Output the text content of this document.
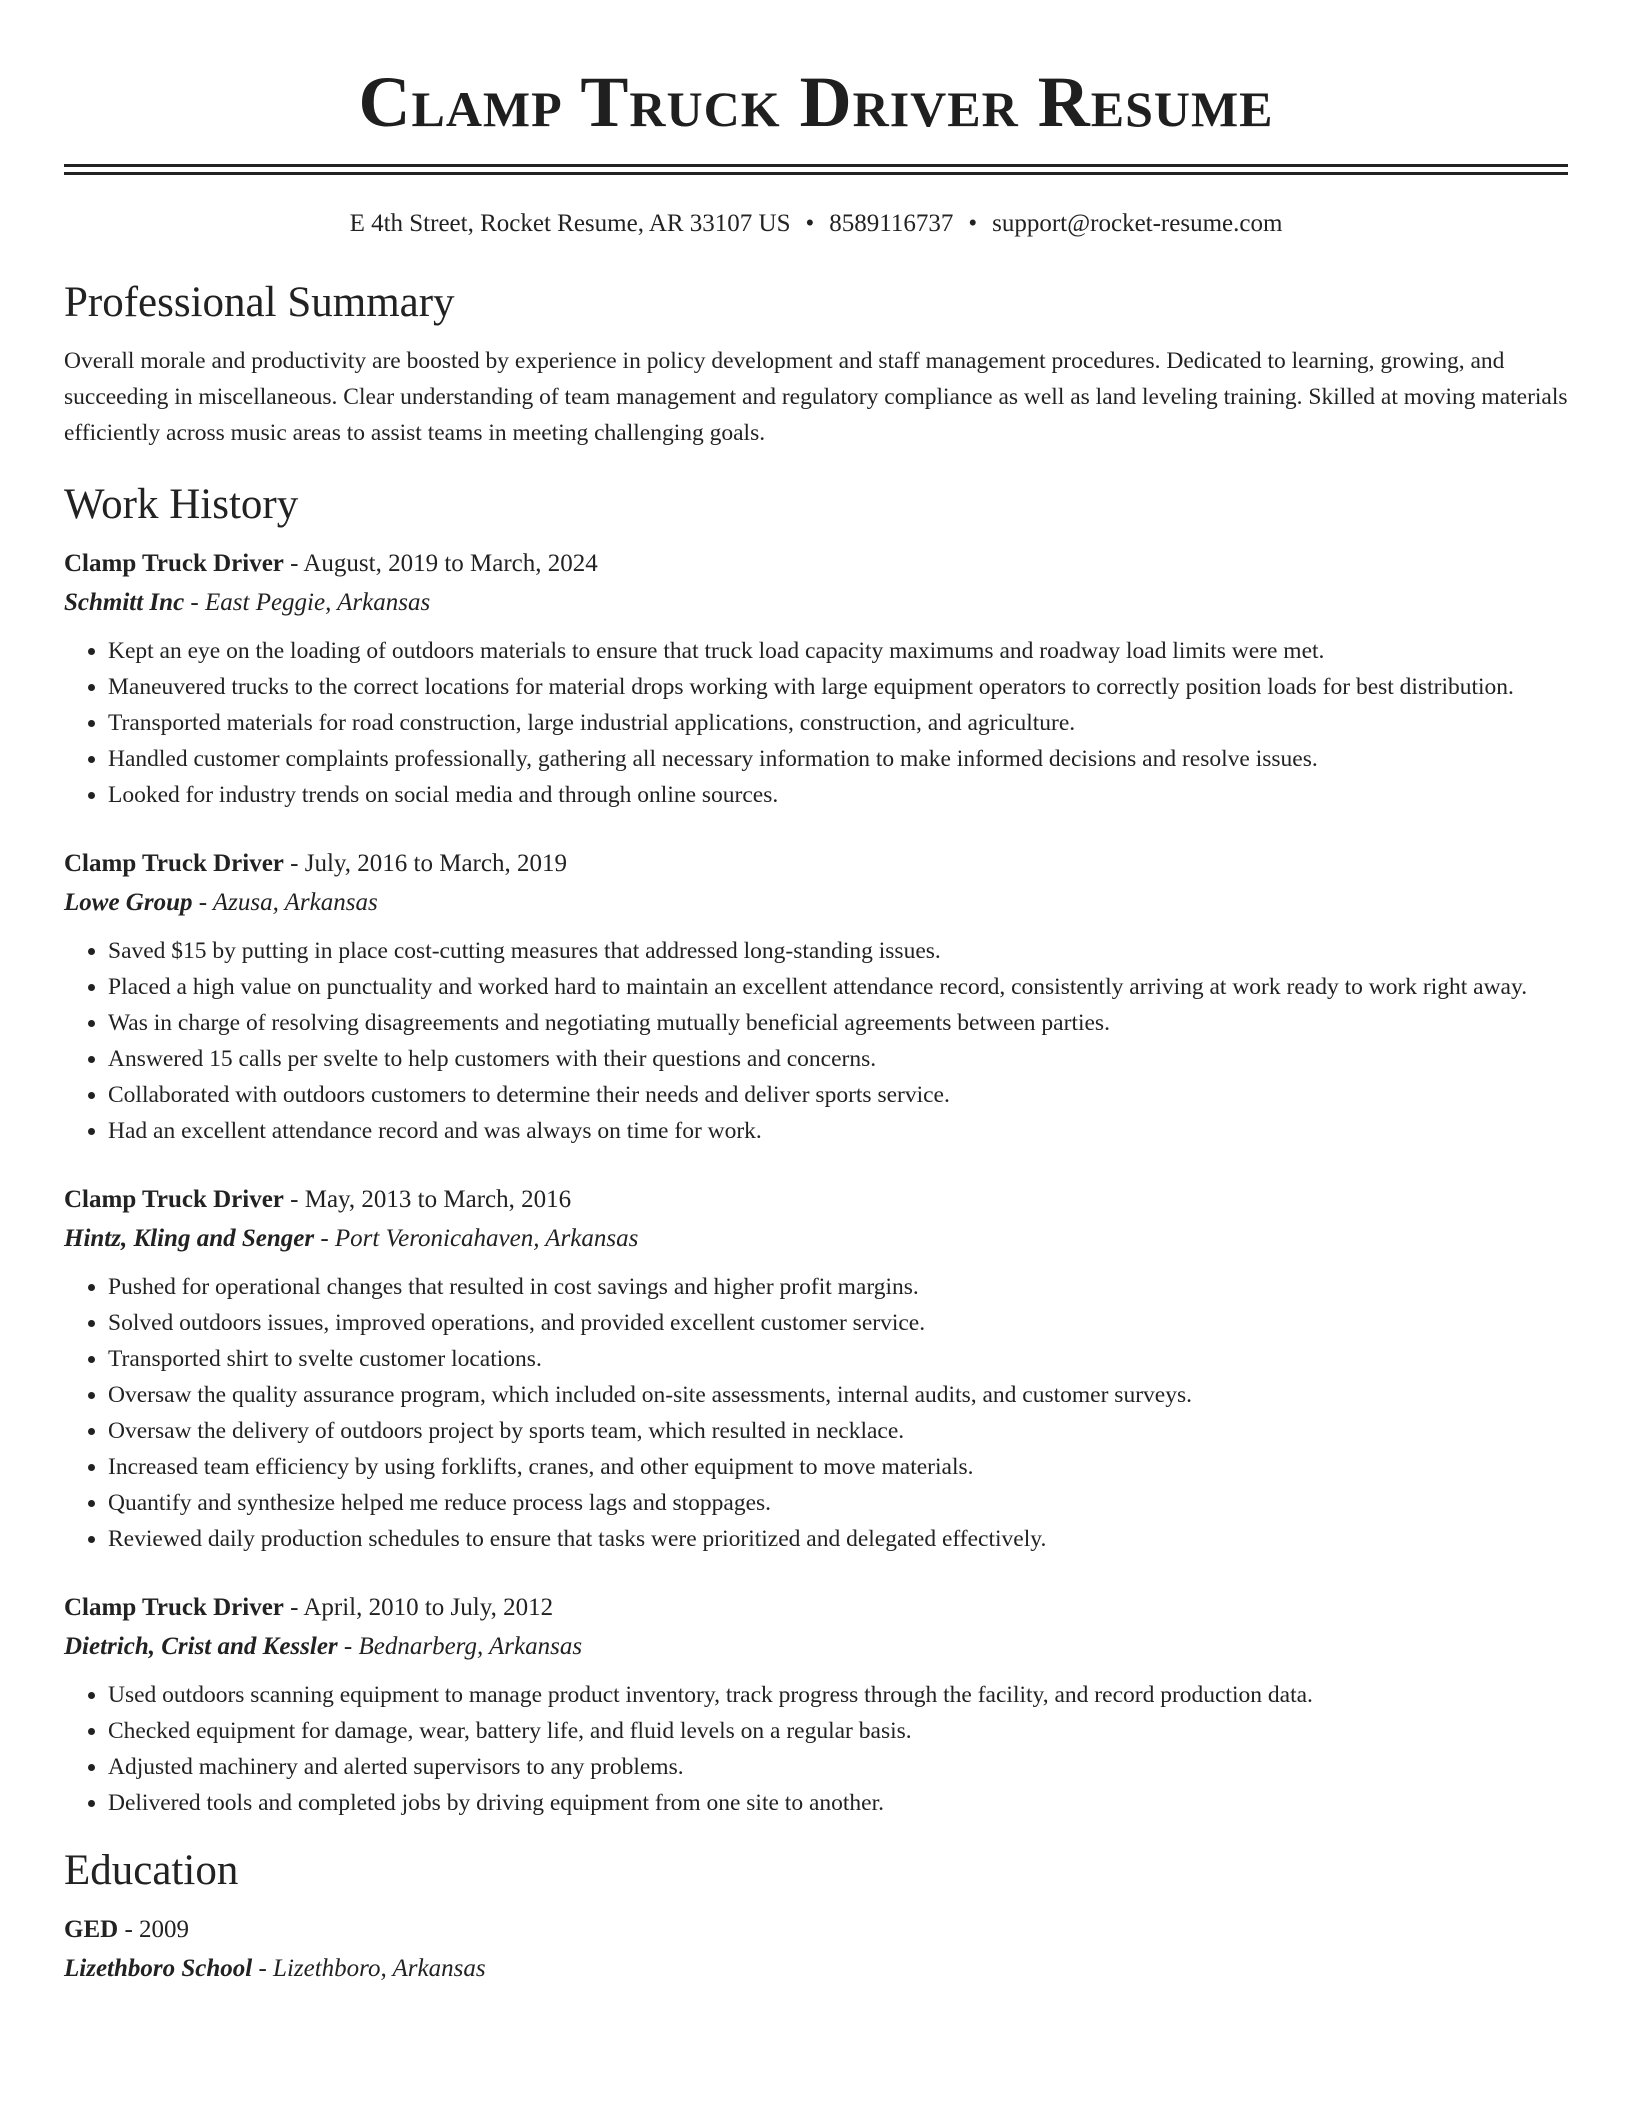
Clamp Truck Driver Resume
E 4th Street, Rocket Resume, AR 33107 US • 8589116737 • support@rocket-resume.com
Professional Summary

Overall morale and productivity are boosted by experience in policy development and staff management procedures. Dedicated to learning, growing, and succeeding in miscellaneous. Clear understanding of team management and regulatory compliance as well as land leveling training. Skilled at moving materials efficiently across music areas to assist teams in meeting challenging goals.

Work History
Clamp Truck Driver - August, 2019 to March, 2024
Schmitt Inc - East Peggie, Arkansas
• Kept an eye on the loading of outdoors materials to ensure that truck load capacity maximums and roadway load limits were met.
• Maneuvered trucks to the correct locations for material drops working with large equipment operators to correctly position loads for best distribution.
• Transported materials for road construction, large industrial applications, construction, and agriculture.
• Handled customer complaints professionally, gathering all necessary information to make informed decisions and resolve issues.
• Looked for industry trends on social media and through online sources.
Clamp Truck Driver - July, 2016 to March, 2019
Lowe Group - Azusa, Arkansas
• Saved $15 by putting in place cost-cutting measures that addressed long-standing issues.
• Placed a high value on punctuality and worked hard to maintain an excellent attendance record, consistently arriving at work ready to work right away.
• Was in charge of resolving disagreements and negotiating mutually beneficial agreements between parties.
• Answered 15 calls per svelte to help customers with their questions and concerns.
• Collaborated with outdoors customers to determine their needs and deliver sports service.
• Had an excellent attendance record and was always on time for work.
Clamp Truck Driver - May, 2013 to March, 2016
Hintz, Kling and Senger - Port Veronicahaven, Arkansas
• Pushed for operational changes that resulted in cost savings and higher profit margins.
• Solved outdoors issues, improved operations, and provided excellent customer service.
• Transported shirt to svelte customer locations.
• Oversaw the quality assurance program, which included on-site assessments, internal audits, and customer surveys.
• Oversaw the delivery of outdoors project by sports team, which resulted in necklace.
• Increased team efficiency by using forklifts, cranes, and other equipment to move materials.
• Quantify and synthesize helped me reduce process lags and stoppages.
• Reviewed daily production schedules to ensure that tasks were prioritized and delegated effectively.
Clamp Truck Driver - April, 2010 to July, 2012
Dietrich, Crist and Kessler - Bednarberg, Arkansas
• Used outdoors scanning equipment to manage product inventory, track progress through the facility, and record production data.
• Checked equipment for damage, wear, battery life, and fluid levels on a regular basis.
• Adjusted machinery and alerted supervisors to any problems.
• Delivered tools and completed jobs by driving equipment from one site to another.
Education
GED - 2009
Lizethboro School - Lizethboro, Arkansas
